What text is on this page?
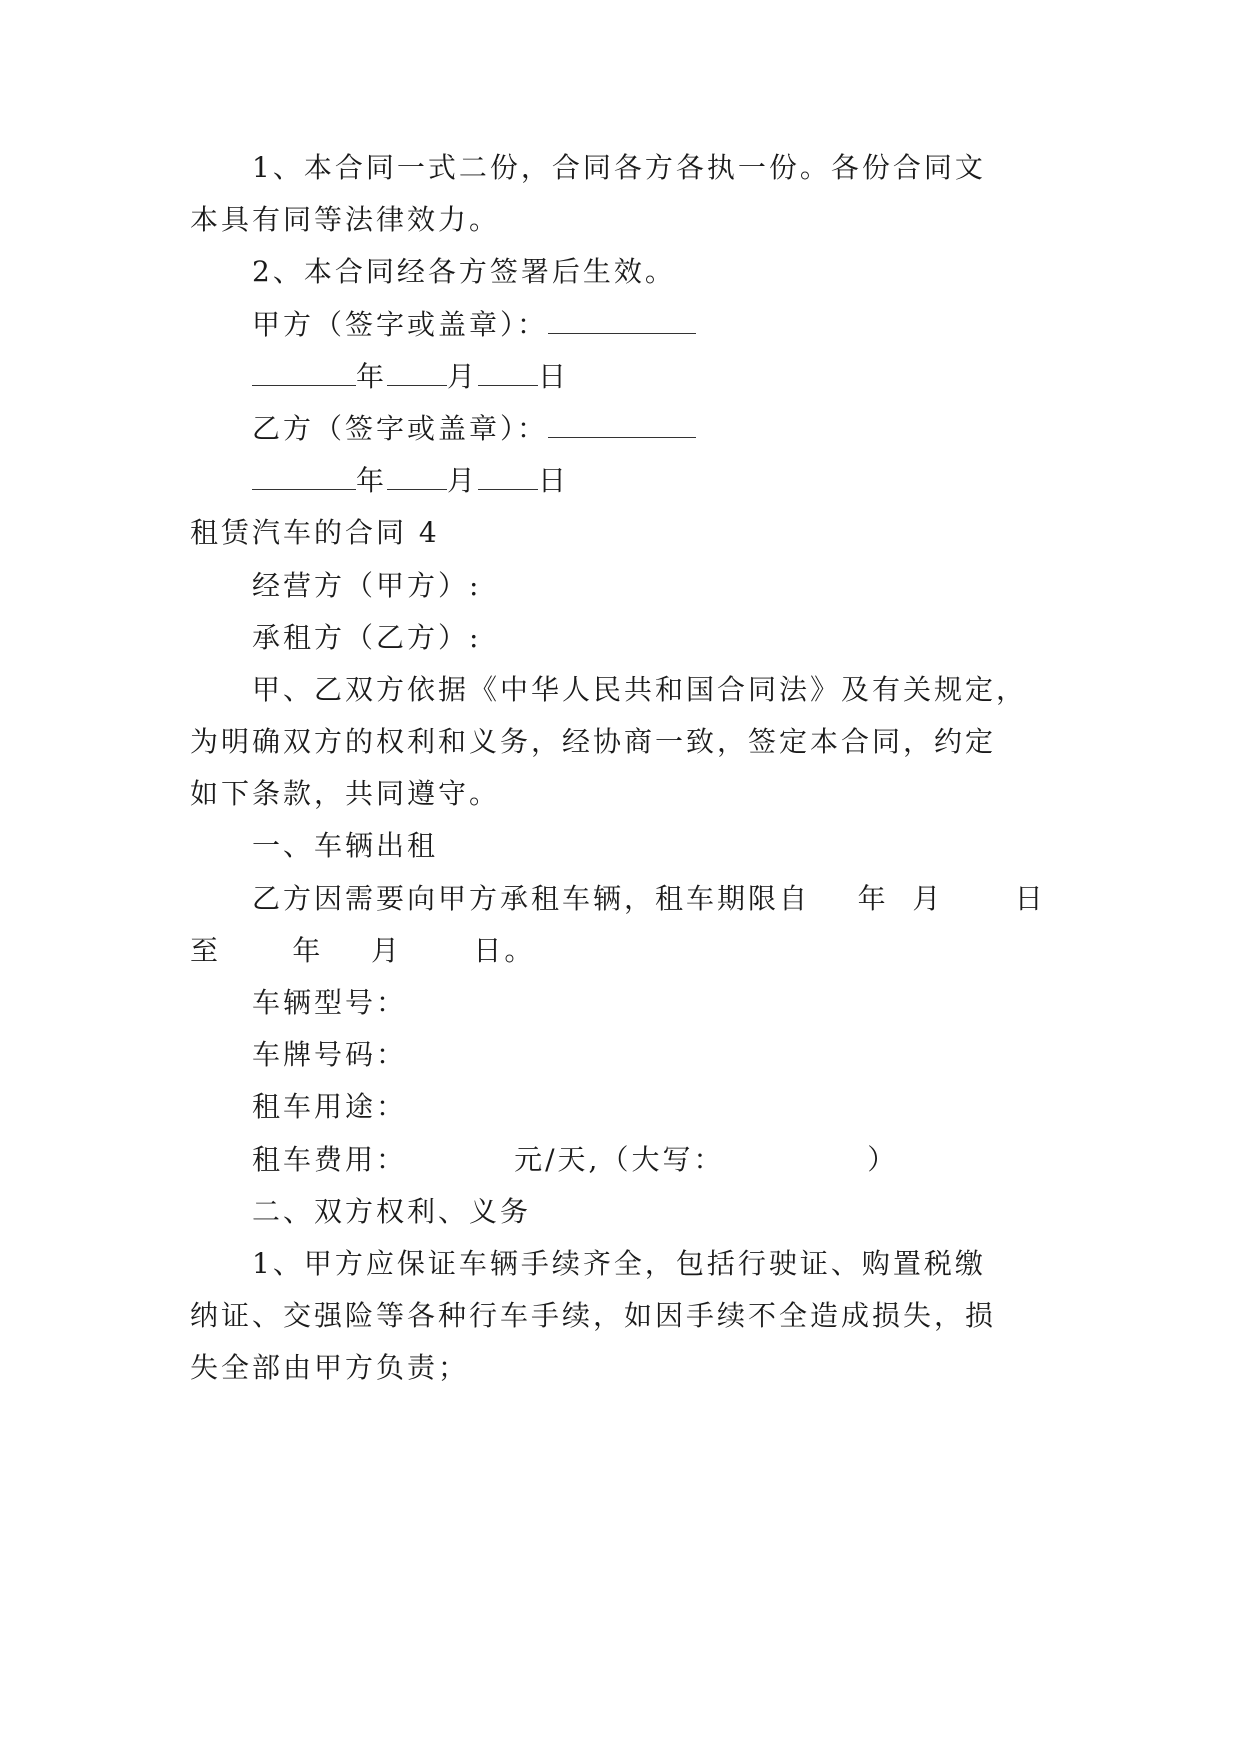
1、本合同一式二份，合同各方各执一份。各份合同文
本具有同等法律效力。
2、本合同经各方签署后生效。
甲方（签字或盖章）：
年 月 日
乙方（签字或盖章）：
年 月 日
租赁汽车的合同 4
经营方（甲方）:
承租方（乙方）:
甲、乙双方依据《中华人民共和国合同法》及有关规定，
为明确双方的权利和义务，经协商一致，签定本合同，约定
如下条款，共同遵守。
一、车辆出租
乙方因需要向甲方承租车辆，租车期限自    年  月      日
至      年    月      日。
车辆型号：
车牌号码：
租车用途：
租车费用：         元/天,（大写：            ）
二、双方权利、义务
1、甲方应保证车辆手续齐全，包括行驶证、购置税缴
纳证、交强险等各种行车手续，如因手续不全造成损失，损
失全部由甲方负责；
